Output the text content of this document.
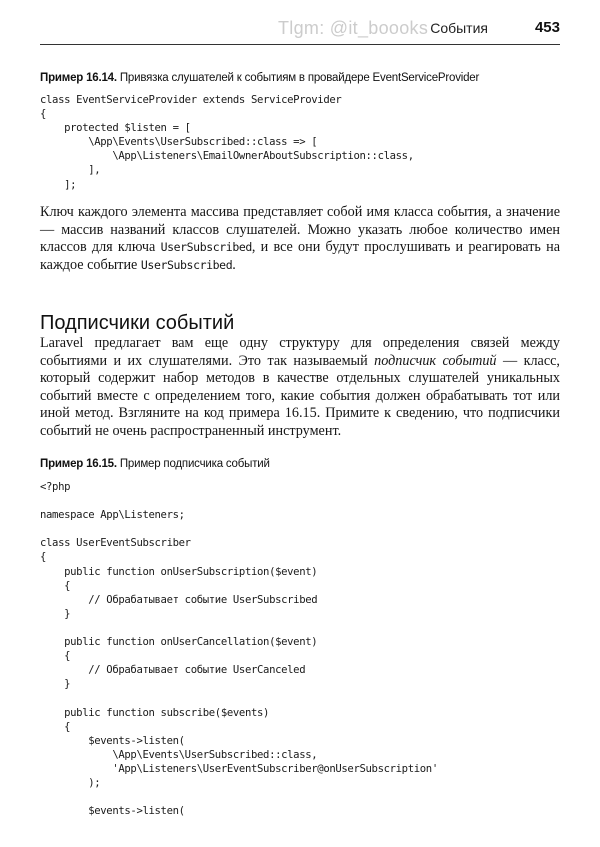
Tlgm: @it_boooks События	453
Пример 16.14. Привязка слушателей к событиям в провайдере EventServiceProvider
class EventServiceProvider extends ServiceProvider
{
protected $listen = [
\App\Events\UserSubscribed::class => [
\App\Listeners\EmailOwnerAboutSubscription::class,
],
];
Ключ каждого элемента массива представляет собой имя класса события, а значение — массив названий классов слушателей. Можно указать любое количество имен классов для ключа UserSubscribed, и все они будут прослушивать и реагировать на каждое событие UserSubscribed.
Подписчики событий
Laravel предлагает вам еще одну структуру для определения связей между событиями и их слушателями. Это так называемый подписчик событий — класс, который содержит набор методов в качестве отдельных слушателей уникальных событий вместе с определением того, какие события должен обрабатывать тот или иной метод. Взгляните на код примера 16.15. Примите к сведению, что подписчики событий не очень распространенный инструмент.
Пример 16.15. Пример подписчика событий
<?php
namespace App\Listeners;
class UserEventSubscriber
{
public function onUserSubscription($event)
{
// Обрабатывает событие UserSubscribed
}
public function onUserCancellation($event)
{
// Обрабатывает событие UserCanceled
}
public function subscribe($events)
{
$events->listen(
\App\Events\UserSubscribed::class,
'App\Listeners\UserEventSubscriber@onUserSubscription'
);
$events->listen(
